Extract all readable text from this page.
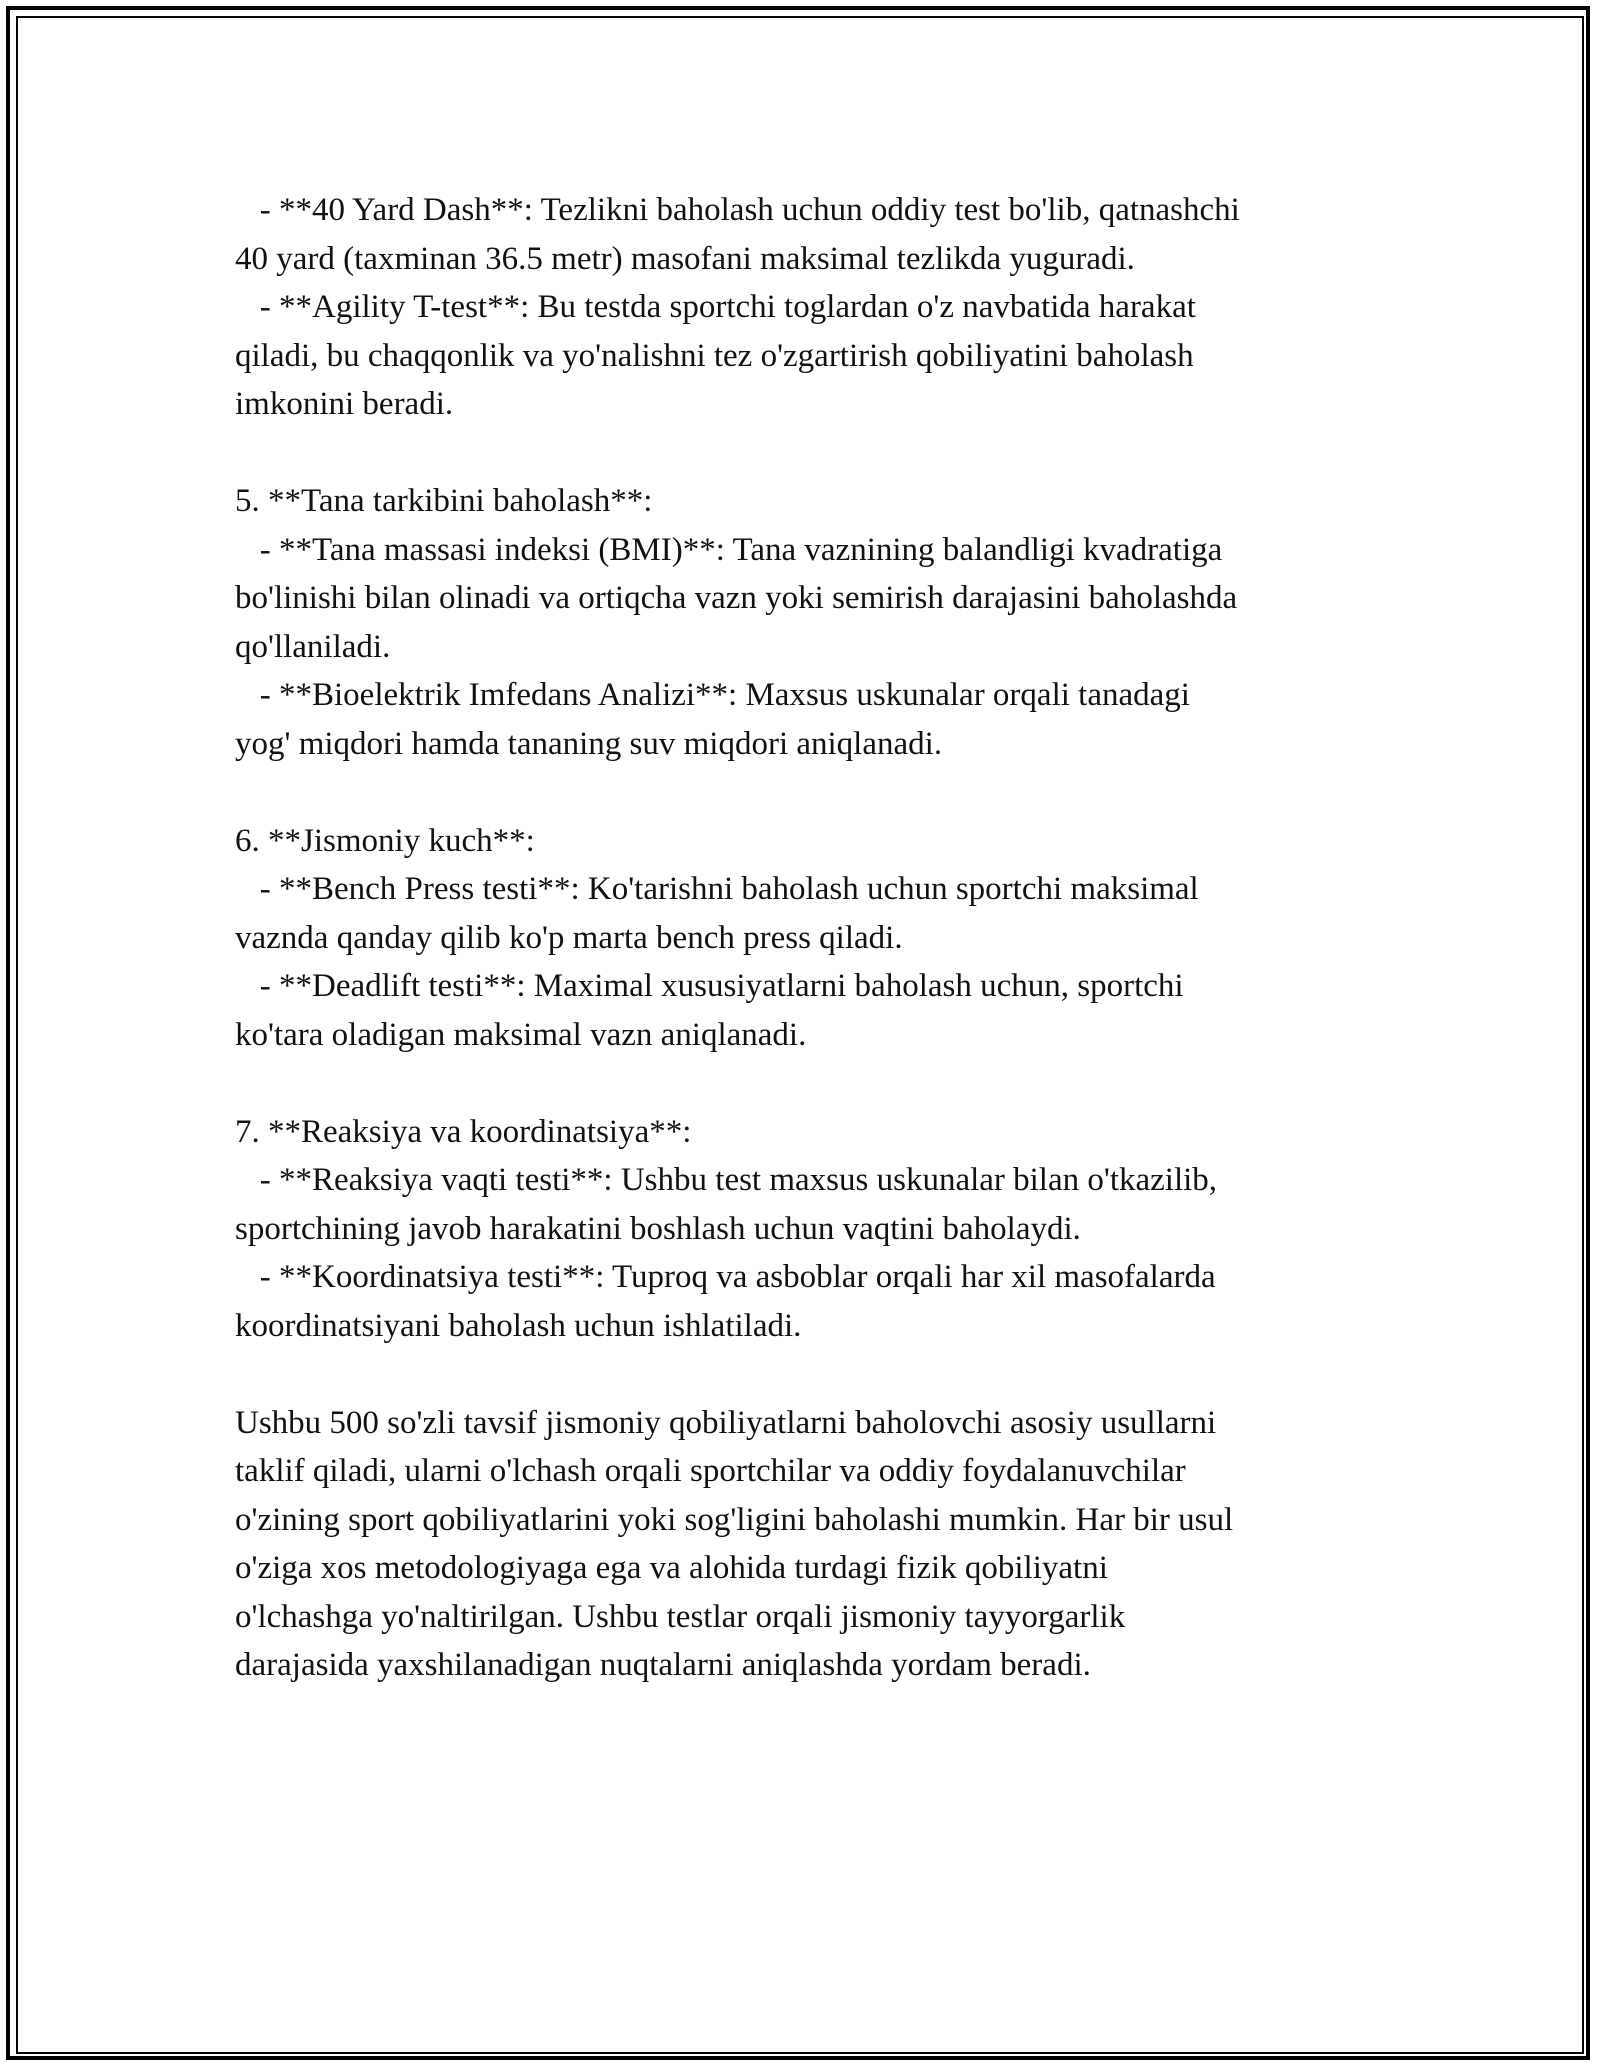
- **40 Yard Dash**: Tezlikni baholash uchun oddiy test bo'lib, qatnashchi
40 yard (taxminan 36.5 metr) masofani maksimal tezlikda yuguradi.
- **Agility T-test**: Bu testda sportchi toglardan o'z navbatida harakat
qiladi, bu chaqqonlik va yo'nalishni tez o'zgartirish qobiliyatini baholash
imkonini beradi.
5. **Tana tarkibini baholash**:
- **Tana massasi indeksi (BMI)**: Tana vaznining balandligi kvadratiga
bo'linishi bilan olinadi va ortiqcha vazn yoki semirish darajasini baholashda
qo'llaniladi.
- **Bioelektrik Imfedans Analizi**: Maxsus uskunalar orqali tanadagi
yog' miqdori hamda tananing suv miqdori aniqlanadi.
6. **Jismoniy kuch**:
- **Bench Press testi**: Ko'tarishni baholash uchun sportchi maksimal
vaznda qanday qilib ko'p marta bench press qiladi.
- **Deadlift testi**: Maximal xususiyatlarni baholash uchun, sportchi
ko'tara oladigan maksimal vazn aniqlanadi.
7. **Reaksiya va koordinatsiya**:
- **Reaksiya vaqti testi**: Ushbu test maxsus uskunalar bilan o'tkazilib,
sportchining javob harakatini boshlash uchun vaqtini baholaydi.
- **Koordinatsiya testi**: Tuproq va asboblar orqali har xil masofalarda
koordinatsiyani baholash uchun ishlatiladi.
Ushbu 500 so'zli tavsif jismoniy qobiliyatlarni baholovchi asosiy usullarni
taklif qiladi, ularni o'lchash orqali sportchilar va oddiy foydalanuvchilar
o'zining sport qobiliyatlarini yoki sog'ligini baholashi mumkin. Har bir usul
o'ziga xos metodologiyaga ega va alohida turdagi fizik qobiliyatni
o'lchashga yo'naltirilgan. Ushbu testlar orqali jismoniy tayyorgarlik
darajasida yaxshilanadigan nuqtalarni aniqlashda yordam beradi.
